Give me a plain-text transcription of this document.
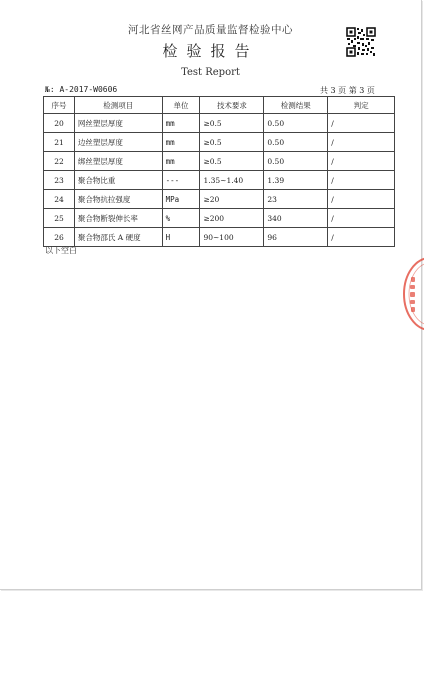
河北省丝网产品质量监督检验中心
检验报告
Test Report
№: A-2017-W0606	共 3 页 第 3 页
序号	检测项目	单位	技术要求	检测结果	判定
20	网丝塑层厚度	mm	≥0.5	0.50	/
21	边丝塑层厚度	mm	≥0.5	0.50	/
22	绑丝塑层厚度	mm	≥0.5	0.50	/
23	聚合物比重	---	1.35~1.40	1.39	/
24	聚合物抗拉强度	MPa	≥20	23	/
25	聚合物断裂伸长率	%	≥200	340	/
26	聚合物邵氏 A 硬度	H	90~100	96	/
以下空白
